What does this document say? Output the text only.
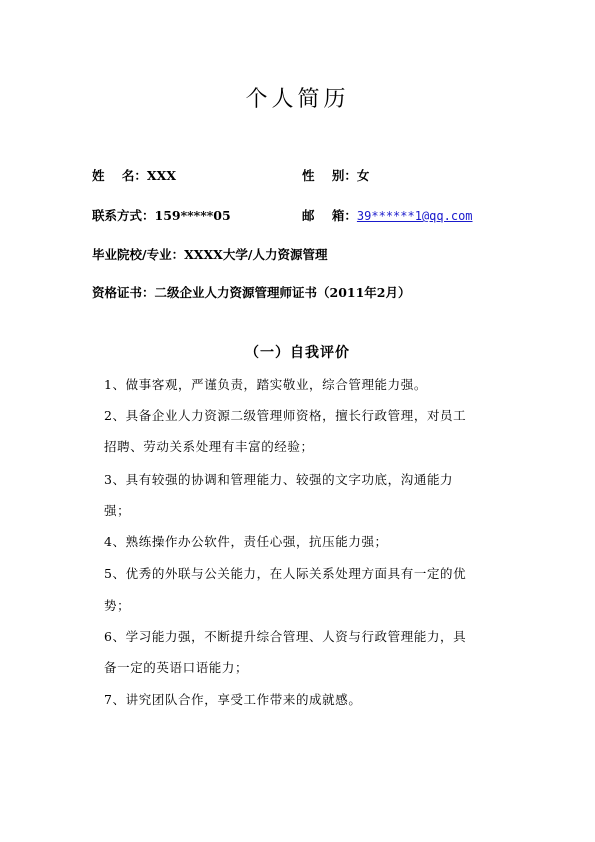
个人简历
姓    名：XXX	性    别：女
联系方式：159*****05	邮    箱：39******1@qq.com
毕业院校/专业：XXXX大学/人力资源管理
资格证书：二级企业人力资源管理师证书（2011年2月）
（一）自我评价
1、做事客观，严谨负责，踏实敬业，综合管理能力强。
2、具备企业人力资源二级管理师资格，擅长行政管理，对员工
招聘、劳动关系处理有丰富的经验；
3、具有较强的协调和管理能力、较强的文字功底，沟通能力
强；
4、熟练操作办公软件，责任心强，抗压能力强；
5、优秀的外联与公关能力，在人际关系处理方面具有一定的优
势；
6、学习能力强，不断提升综合管理、人资与行政管理能力，具
备一定的英语口语能力；
7、讲究团队合作，享受工作带来的成就感。
